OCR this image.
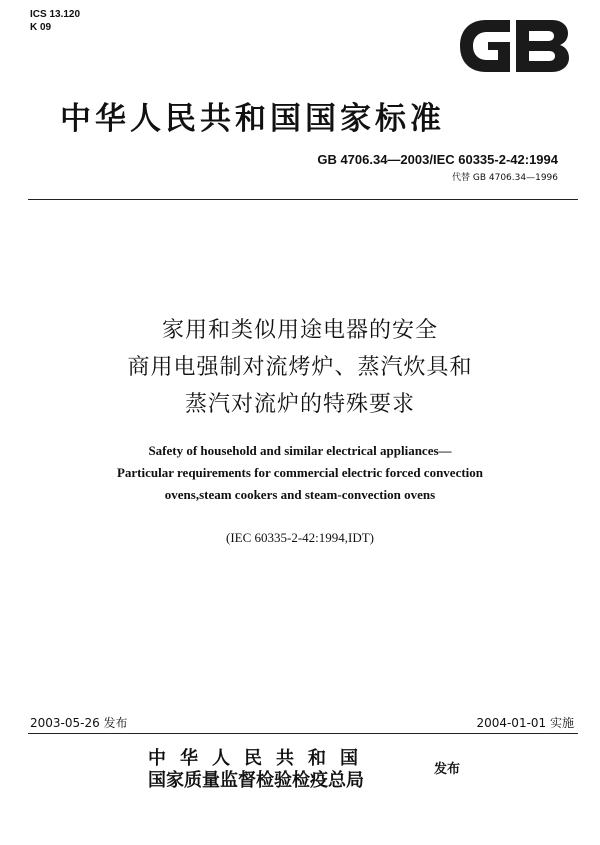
ICS 13.120
K 09
中华人民共和国国家标准
GB 4706.34—2003/IEC 60335-2-42:1994
代替 GB 4706.34—1996
家用和类似用途电器的安全
商用电强制对流烤炉、蒸汽炊具和
蒸汽对流炉的特殊要求
Safety of household and similar electrical appliances—
Particular requirements for commercial electric forced convection
ovens,steam cookers and steam-convection ovens
(IEC 60335-2-42:1994,IDT)
2003-05-26 发布	2004-01-01 实施
中华人民共和国
国家质量监督检验检疫总局
发布
